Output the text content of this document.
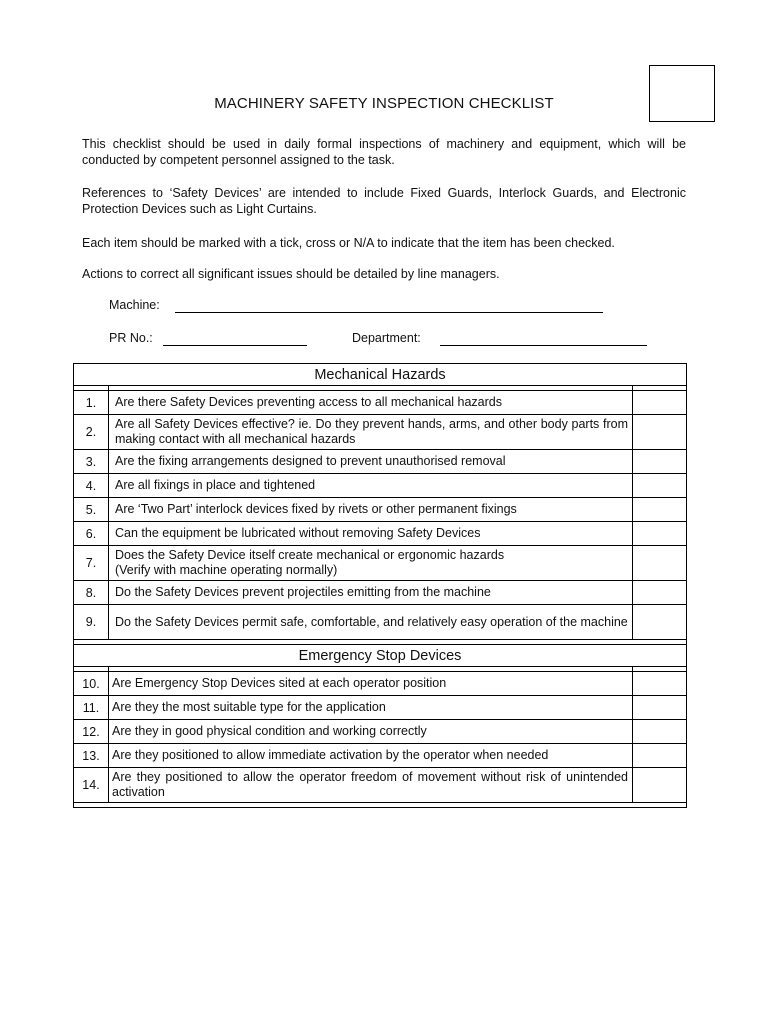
MACHINERY SAFETY INSPECTION CHECKLIST

This checklist should be used in daily formal inspections of machinery and equipment, which will be conducted by competent personnel assigned to the task.

References to ‘Safety Devices’ are intended to include Fixed Guards, Interlock Guards, and Electronic Protection Devices such as Light Curtains.

Each item should be marked with a tick, cross or N/A to indicate that the item has been checked.

Actions to correct all significant issues should be detailed by line managers.

Machine:
PR No.:	Department:
Mechanical Hazards		

1.	Are there Safety Devices preventing access to all mechanical hazards	
2.	Are all Safety Devices effective? ie. Do they prevent hands, arms, and other body parts from making contact with all mechanical hazards	
3.	Are the fixing arrangements designed to prevent unauthorised removal	
4.	Are all fixings in place and tightened	
5.	Are ‘Two Part’ interlock devices fixed by rivets or other permanent fixings	
6.	Can the equipment be lubricated without removing Safety Devices	
7.	Does the Safety Device itself create mechanical or ergonomic hazards
(Verify with machine operating normally)	

8.	Do the Safety Devices prevent projectiles emitting from the machine	
9.	Do the Safety Devices permit safe, comfortable, and relatively easy operation of the machine	

Emergency Stop Devices		

10.	Are Emergency Stop Devices sited at each operator position	
11.	Are they the most suitable type for the application	
12.	Are they in good physical condition and working correctly	
13.	Are they positioned to allow immediate activation by the operator when needed	
14.	Are they positioned to allow the operator freedom of movement without risk of unintended activation	
